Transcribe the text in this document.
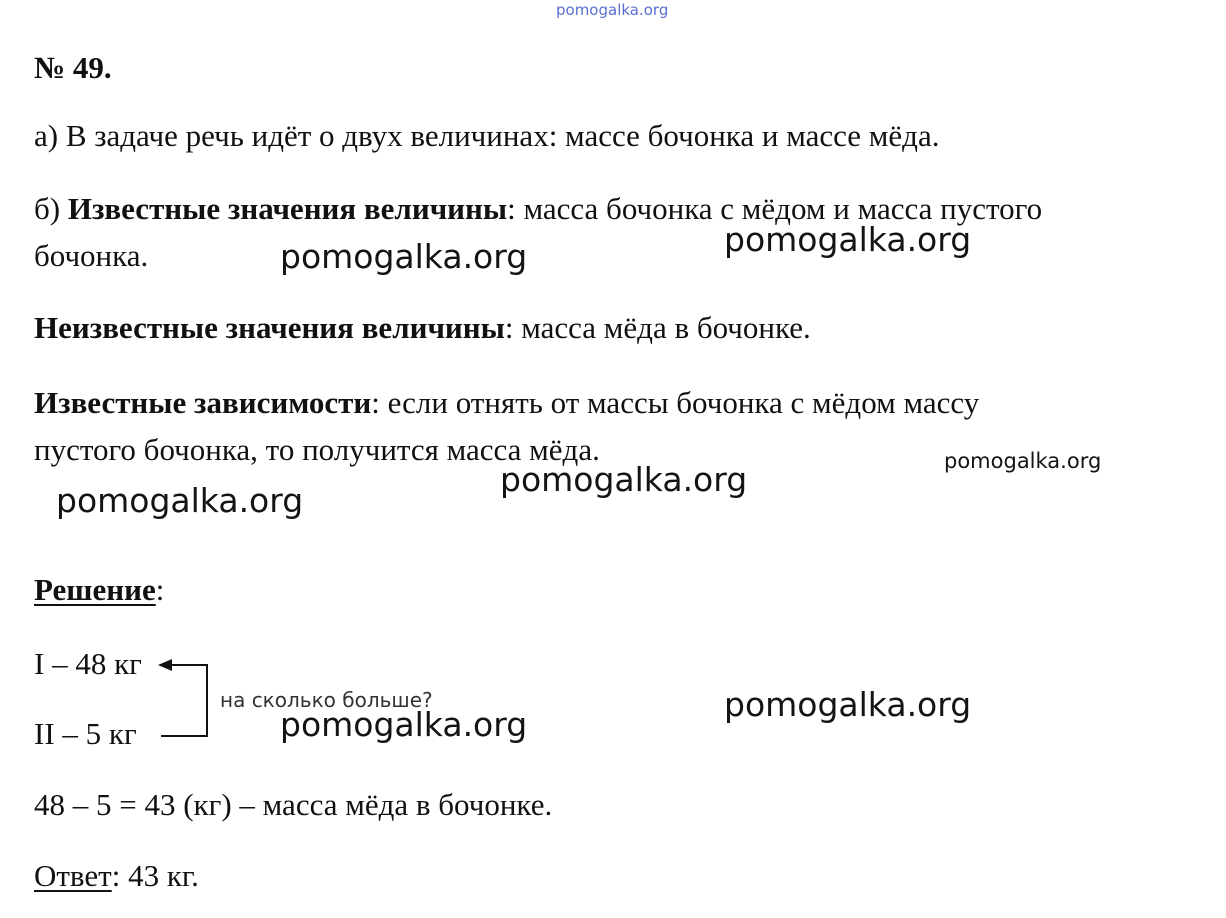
pomogalka.org
№ 49.
а) В задаче речь идёт о двух величинах: массе бочонка и массе мёда.
б) Известные значения величины: масса бочонка с мёдом и масса пустого
бочонка.
Неизвестные значения величины: масса мёда в бочонке.
Известные зависимости: если отнять от массы бочонка с мёдом массу
пустого бочонка, то получится масса мёда.
Решение:
I – 48 кг
II – 5 кг
на сколько больше?
48 – 5 = 43 (кг) – масса мёда в бочонке.
Ответ: 43 кг.
pomogalka.org	pomogalka.org
pomogalka.org
pomogalka.org
pomogalka.org
pomogalka.org
pomogalka.org
